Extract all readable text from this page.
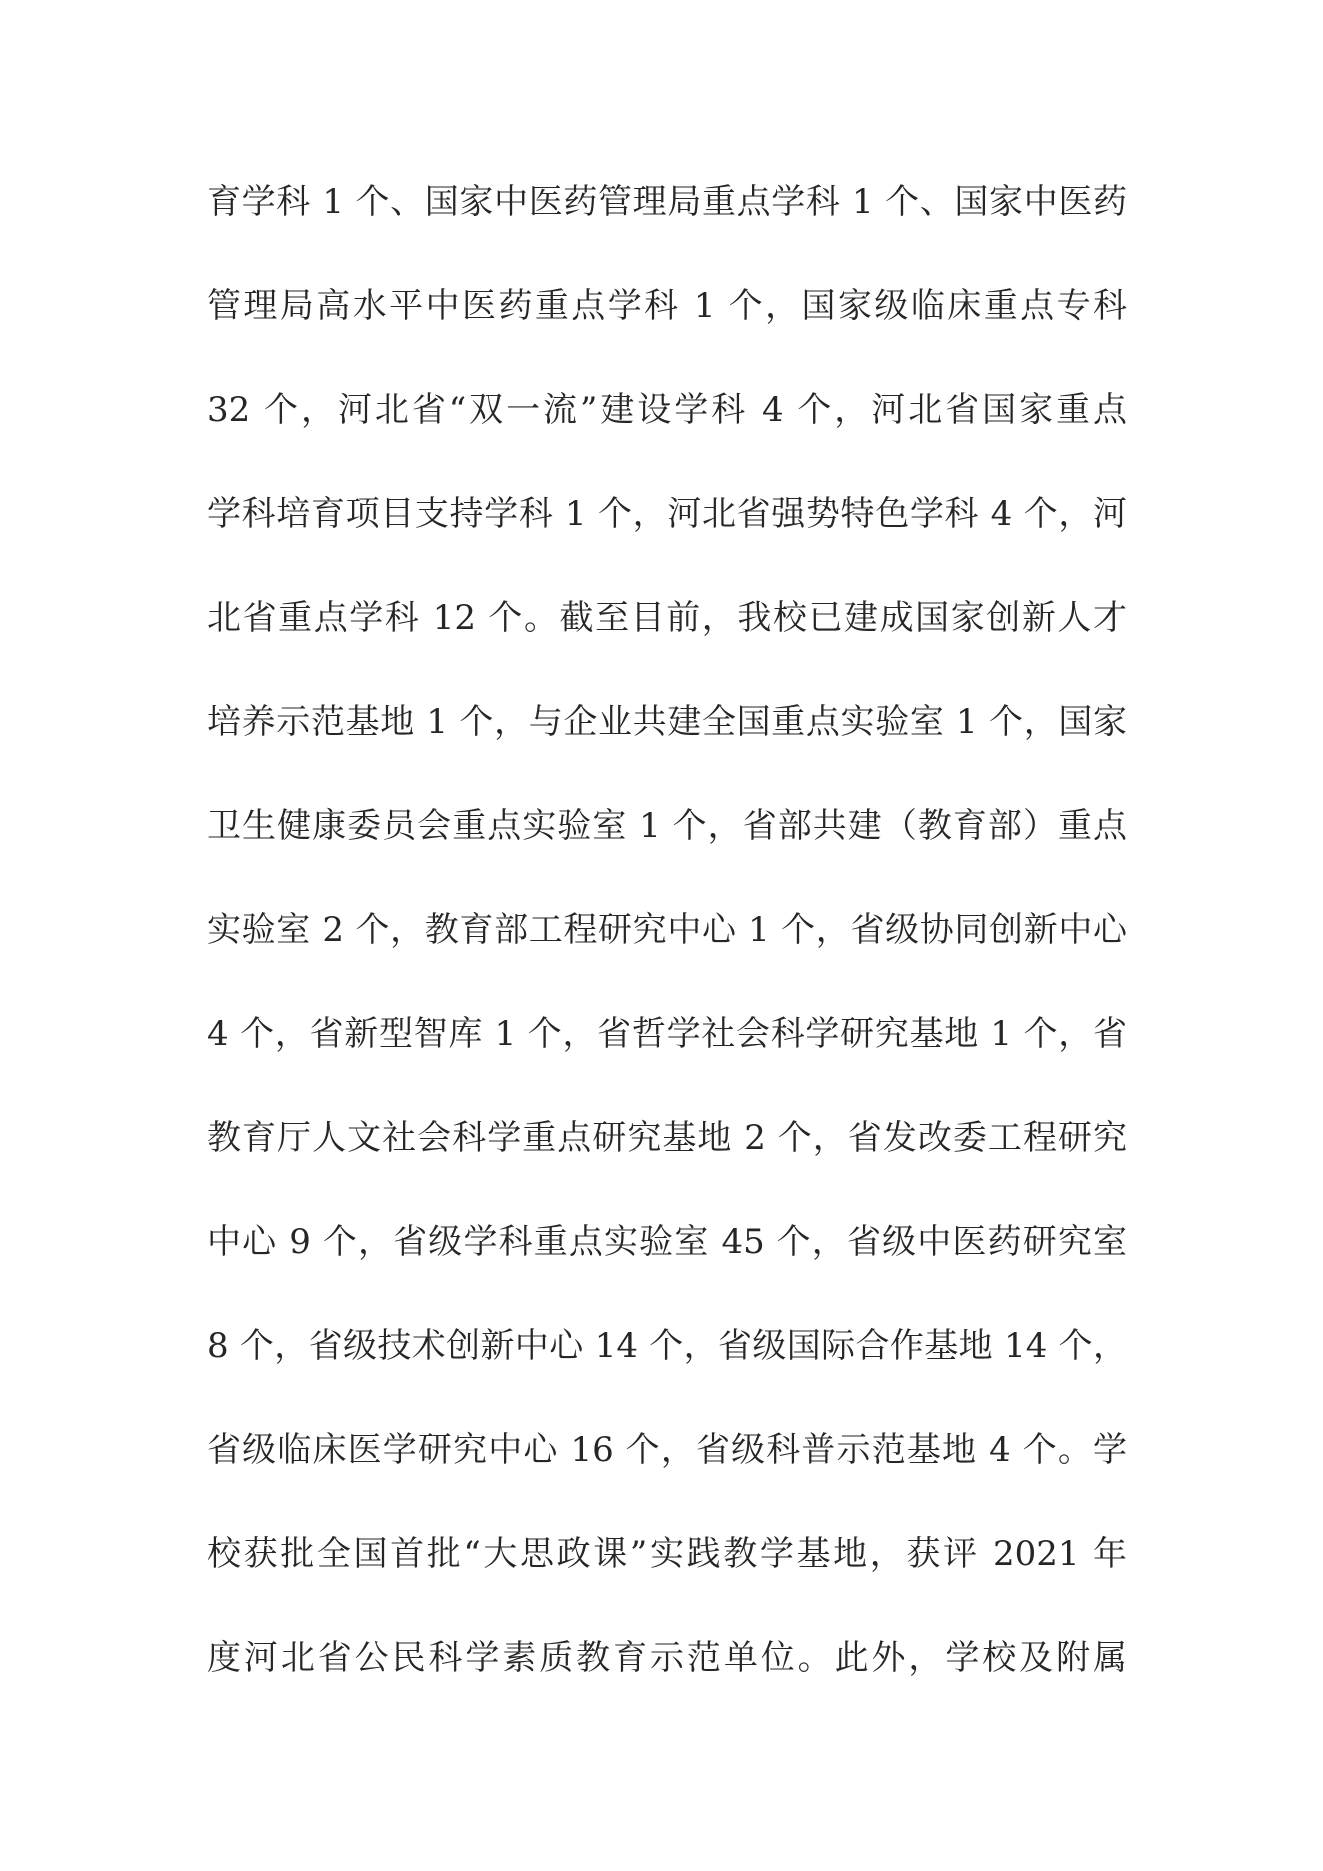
育学科 1 个、国家中医药管理局重点学科 1 个、国家中医药
管理局高水平中医药重点学科 1 个，国家级临床重点专科
32 个，河北省“双一流”建设学科 4 个，河北省国家重点
学科培育项目支持学科 1 个，河北省强势特色学科 4 个，河
北省重点学科 12 个。截至目前，我校已建成国家创新人才
培养示范基地 1 个，与企业共建全国重点实验室 1 个，国家
卫生健康委员会重点实验室 1 个，省部共建（教育部）重点
实验室 2 个，教育部工程研究中心 1 个，省级协同创新中心
4 个，省新型智库 1 个，省哲学社会科学研究基地 1 个，省
教育厅人文社会科学重点研究基地 2 个，省发改委工程研究
中心 9 个，省级学科重点实验室 45 个，省级中医药研究室
8 个，省级技术创新中心 14 个，省级国际合作基地 14 个，
省级临床医学研究中心 16 个，省级科普示范基地 4 个。学
校获批全国首批“大思政课”实践教学基地，获评 2021 年
度河北省公民科学素质教育示范单位。此外，学校及附属
